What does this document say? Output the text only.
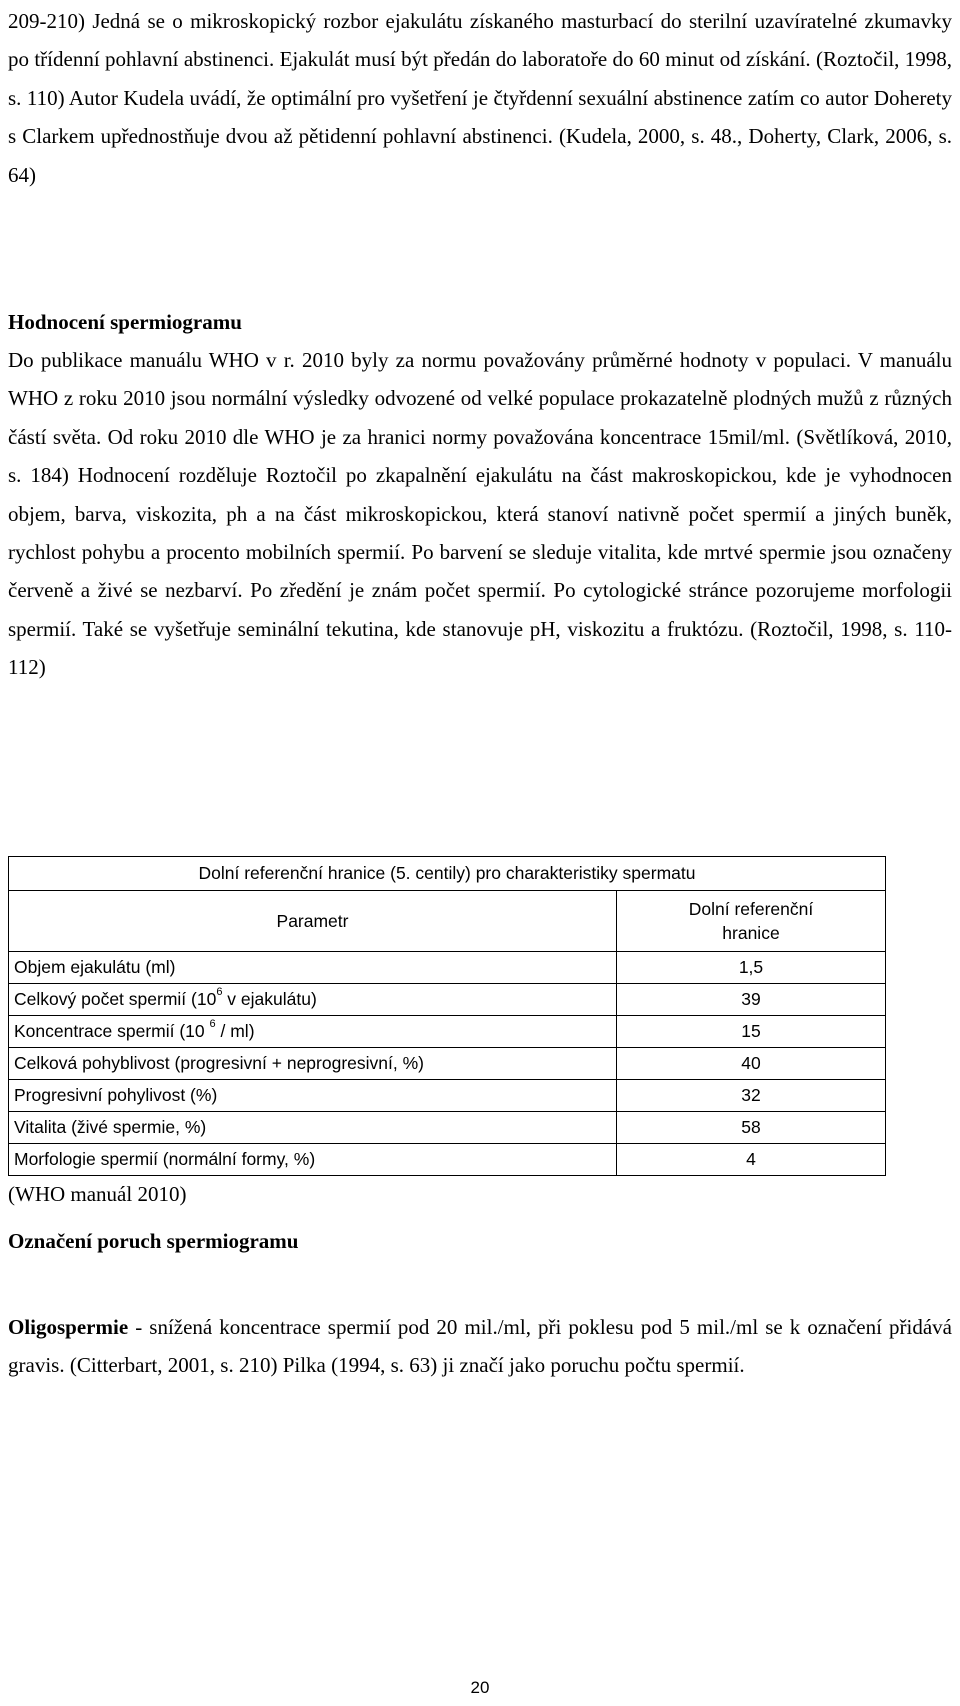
209-210) Jedná se o mikroskopický rozbor ejakulátu získaného masturbací do sterilní uzavíratelné zkumavky po třídenní pohlavní abstinenci. Ejakulát musí být předán do laboratoře do 60 minut od získání. (Roztočil, 1998, s. 110) Autor Kudela uvádí, že optimální pro vyšetření je čtyřdenní sexuální abstinence zatím co autor Doherety s Clarkem upřednostňuje dvou až pětidenní pohlavní abstinenci. (Kudela, 2000, s. 48., Doherty, Clark, 2006, s. 64)

Hodnocení spermiogramu

Do publikace manuálu WHO v r. 2010 byly za normu považovány průměrné hodnoty v populaci. V manuálu WHO z roku 2010 jsou normální výsledky odvozené od velké populace prokazatelně plodných mužů z různých částí světa. Od roku 2010 dle WHO je za hranici normy považována koncentrace 15mil/ml. (Světlíková, 2010, s. 184) Hodnocení rozděluje Roztočil po zkapalnění ejakulátu na část makroskopickou, kde je vyhodnocen objem, barva, viskozita, ph a na část mikroskopickou, která stanoví nativně počet spermií a jiných buněk, rychlost pohybu a procento mobilních spermií. Po barvení se sleduje vitalita, kde mrtvé spermie jsou označeny červeně a živé se nezbarví. Po zředění je znám počet spermií. Po cytologické stránce pozorujeme morfologii spermií. Také se vyšetřuje seminální tekutina, kde stanovuje pH, viskozitu a fruktózu. (Roztočil, 1998, s. 110-112)

Dolní referenční hranice (5. centily) pro charakteristiky spermatu	
Parametr	Dolní referenční
hranice
Objem ejakulátu (ml)	1,5
Celkový počet spermií ($10^6$ v ejakulátu)	39
Koncentrace spermií (10 $^6$ / ml)	15
Celková pohyblivost (progresivní + neprogresivní, %)	40
Progresivní pohylivost (%)	32
Vitalita (živé spermie, %)	58
Morfologie spermií (normální formy, %)	4

(WHO manuál 2010)

Označení poruch spermiogramu

Oligospermie - snížená koncentrace spermií pod 20 mil./ml, při poklesu pod 5 mil./ml se k označení přidává gravis. (Citterbart, 2001, s. 210) Pilka (1994, s. 63) ji značí jako poruchu počtu spermií.

20
